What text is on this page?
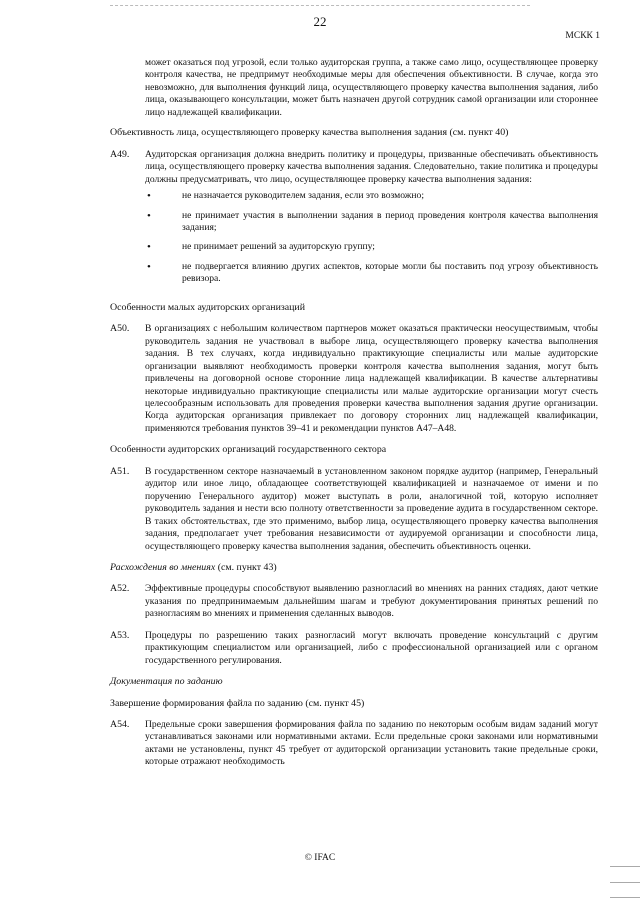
22
МСКК 1

может оказаться под угрозой, если только аудиторская группа, а также само лицо, осуществляющее проверку контроля качества, не предпримут необходимые меры для обеспечения объективности. В случае, когда это невозможно, для выполнения функций лица, осуществляющего проверку качества выполнения задания, либо лица, оказывающего консультации, может быть назначен другой сотрудник самой организации или стороннее лицо надлежащей квалификации.

Объективность лица, осуществляющего проверку качества выполнения задания (см. пункт 40)

A49.	Аудиторская организация должна внедрить политику и процедуры, призванные обеспечивать объективность лица, осуществляющего проверку качества выполнения задания. Следовательно, такие политика и процедуры должны предусматривать, что лицо, осуществляющее проверку качества выполнения задания:

•	не назначается руководителем задания, если это возможно;

•	не принимает участия в выполнении задания в период проведения контроля качества выполнения задания;

•	не принимает решений за аудиторскую группу;

•	не подвергается влиянию других аспектов, которые могли бы поставить под угрозу объективность ревизора.

Особенности малых аудиторских организаций

A50.	В организациях с небольшим количеством партнеров может оказаться практически неосуществимым, чтобы руководитель задания не участвовал в выборе лица, осуществляющего проверку качества выполнения задания. В тех случаях, когда индивидуально практикующие специалисты или малые аудиторские организации выявляют необходимость проверки контроля качества выполнения задания, могут быть привлечены на договорной основе сторонние лица надлежащей квалификации. В качестве альтернативы некоторые индивидуально практикующие специалисты или малые аудиторские организации могут счесть целесообразным использовать для проведения проверки качества выполнения задания другие организации. Когда аудиторская организация привлекает по договору сторонних лиц надлежащей квалификации, применяются требования пунктов 39–41 и рекомендации пунктов A47–A48.

Особенности аудиторских организаций государственного сектора

A51.	В государственном секторе назначаемый в установленном законом порядке аудитор (например, Генеральный аудитор или иное лицо, обладающее соответствующей квалификацией и назначаемое от имени и по поручению Генерального аудитор) может выступать в роли, аналогичной той, которую исполняет руководитель задания и нести всю полноту ответственности за проведение аудита в государственном секторе. В таких обстоятельствах, где это применимо, выбор лица, осуществляющего проверку качества выполнения задания, предполагает учет требования независимости от аудируемой организации и способности лица, осуществляющего проверку качества выполнения задания, обеспечить объективность оценки.

Расхождения во мнениях (см. пункт 43)

A52.	Эффективные процедуры способствуют выявлению разногласий во мнениях на ранних стадиях, дают четкие указания по предпринимаемым дальнейшим шагам и требуют документирования принятых решений по разногласиям во мнениях и применения сделанных выводов.

A53.	Процедуры по разрешению таких разногласий могут включать проведение консультаций с другим практикующим специалистом или организацией, либо с профессиональной организацией или с органом государственного регулирования.

Документация по заданию

Завершение формирования файла по заданию (см. пункт 45)

A54.	Предельные сроки завершения формирования файла по заданию по некоторым особым видам заданий могут устанавливаться законами или нормативными актами. Если предельные сроки законами или нормативными актами не установлены, пункт 45 требует от аудиторской организации установить такие предельные сроки, которые отражают необходимость

© IFAC
